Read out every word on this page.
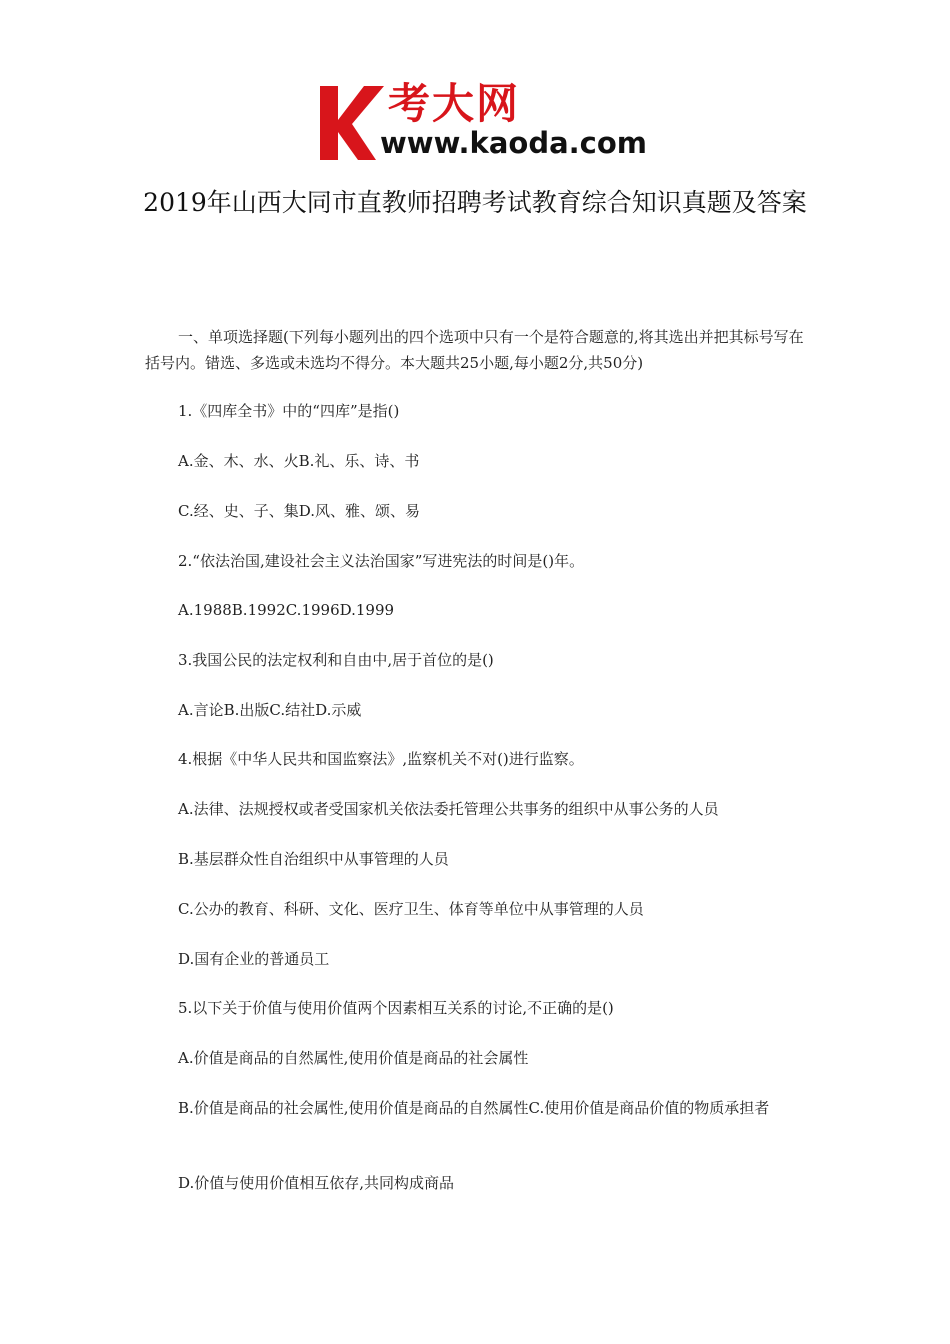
考大网
www.kaoda.com
2019年山西大同市直教师招聘考试教育综合知识真题及答案
一、单项选择题(下列每小题列出的四个选项中只有一个是符合题意的,将其选出并把其标号写在括号内。错选、多选或未选均不得分。本大题共25小题,每小题2分,共50分)
1.《四库全书》中的“四库”是指()
A.金、木、水、火B.礼、乐、诗、书
C.经、史、子、集D.风、雅、颂、易
2.“依法治国,建设社会主义法治国家”写进宪法的时间是()年。
A.1988B.1992C.1996D.1999
3.我国公民的法定权利和自由中,居于首位的是()
A.言论B.出版C.结社D.示威
4.根据《中华人民共和国监察法》,监察机关不对()进行监察。
A.法律、法规授权或者受国家机关依法委托管理公共事务的组织中从事公务的人员
B.基层群众性自治组织中从事管理的人员
C.公办的教育、科研、文化、医疗卫生、体育等单位中从事管理的人员
D.国有企业的普通员工
5.以下关于价值与使用价值两个因素相互关系的讨论,不正确的是()
A.价值是商品的自然属性,使用价值是商品的社会属性
B.价值是商品的社会属性,使用价值是商品的自然属性C.使用价值是商品价值的物质承担者
D.价值与使用价值相互依存,共同构成商品
